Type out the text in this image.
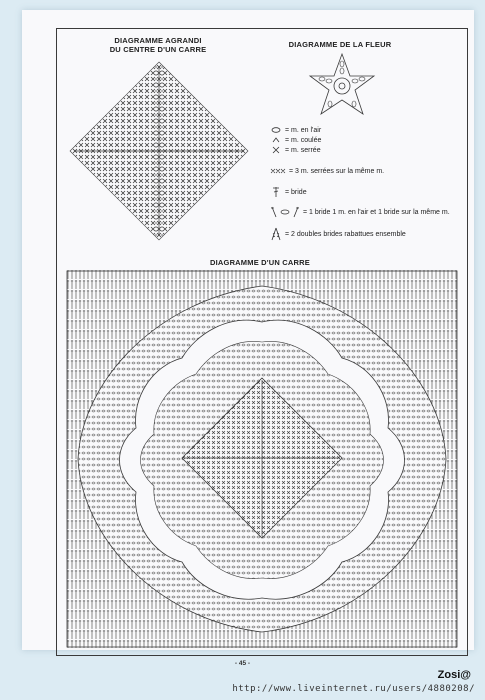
DIAGRAMME AGRANDI
DU CENTRE D'UN CARRE
DIAGRAMME DE LA FLEUR
= m. en l'air
= m. coulée
= m. serrée
= 3 m. serrées sur la même m.
= bride
= 1 bride 1 m. en l'air et 1 bride sur la même m.
= 2 doubles brides rabattues ensemble
DIAGRAMME D'UN CARRE
- 45 -
Zosi@
http://www.liveinternet.ru/users/4880208/
